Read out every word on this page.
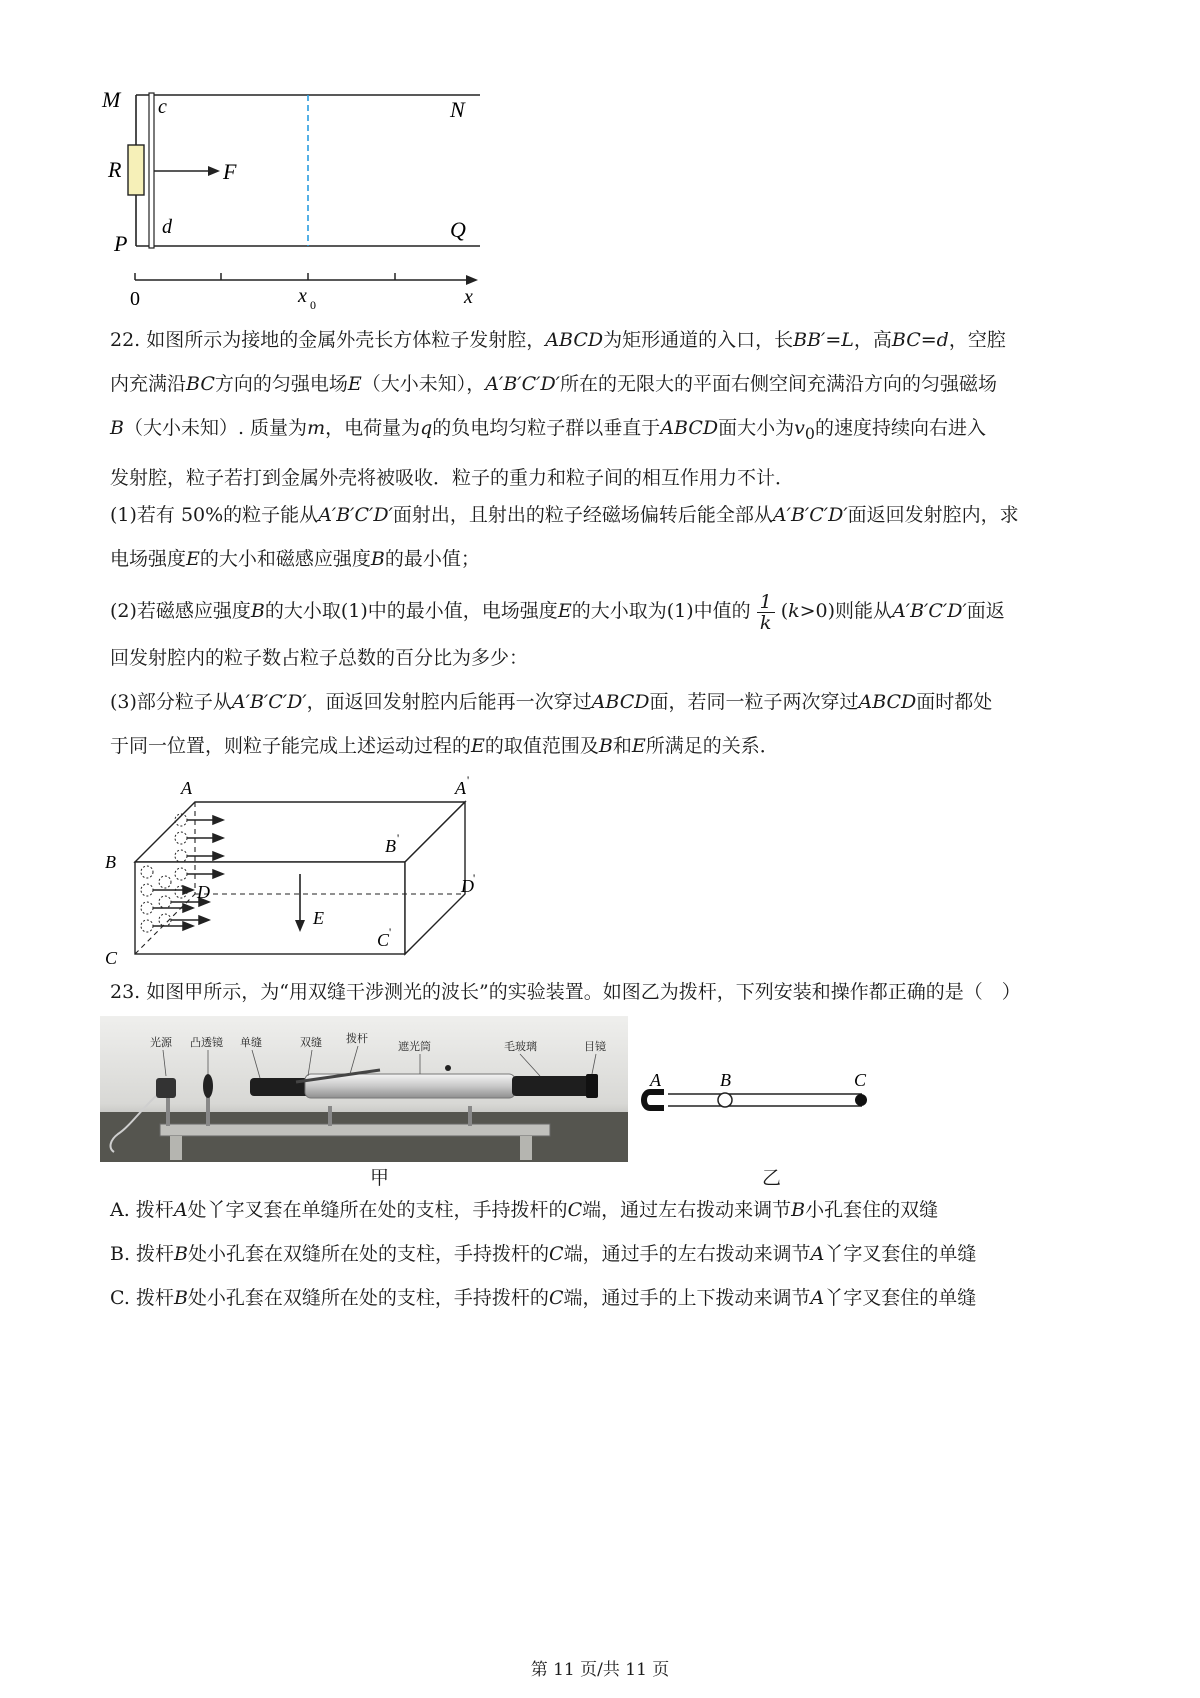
M c	N
R	F
d	Q
P
0	x 0	x
22. 如图所示为接地的金属外壳长方体粒子发射腔，ABCD为矩形通道的入口，长BB′=L，高BC=d，空腔
内充满沿BC方向的匀强电场E（大小未知），A′B′C′D′所在的无限大的平面右侧空间充满沿方向的匀强磁场
B（大小未知）. 质量为m，电荷量为q的负电均匀粒子群以垂直于ABCD面大小为$v_0$的速度持续向右进入
发射腔，粒子若打到金属外壳将被吸收．粒子的重力和粒子间的相互作用力不计．
(1)若有 50%的粒子能从A′B′C′D′面射出，且射出的粒子经磁场偏转后能全部从A′B′C′D′面返回发射腔内，求
电场强度E的大小和磁感应强度B的最小值；
(2)若磁感应强度B的大小取(1)中的最小值，电场强度E的大小取为(1)中值的 $\frac{1}{k} (k>0)$则能从A′B′C′D′面返
回发射腔内的粒子数占粒子总数的百分比为多少：
(3)部分粒子从A′B′C′D′，面返回发射腔内后能再一次穿过ABCD面，若同一粒子两次穿过ABCD面时都处
于同一位置，则粒子能完成上述运动过程的E的取值范围及B和E所满足的关系．
A	A '
B
B '
D	D '
E
C
C '
23. 如图甲所示，为“用双缝干涉测光的波长”的实验装置。如图乙为拨杆，下列安装和操作都正确的是（　）
光源 凸透镜 单缝	双缝 拨杆
遮光筒	毛玻璃	目镜
A	B	C
甲	乙
A. 拨杆A处丫字叉套在单缝所在处的支柱，手持拨杆的C端，通过左右拨动来调节B小孔套住的双缝
B. 拨杆B处小孔套在双缝所在处的支柱，手持拨杆的C端，通过手的左右拨动来调节A丫字叉套住的单缝
C. 拨杆B处小孔套在双缝所在处的支柱，手持拨杆的C端，通过手的上下拨动来调节A丫字叉套住的单缝
第 11 页/共 11 页
